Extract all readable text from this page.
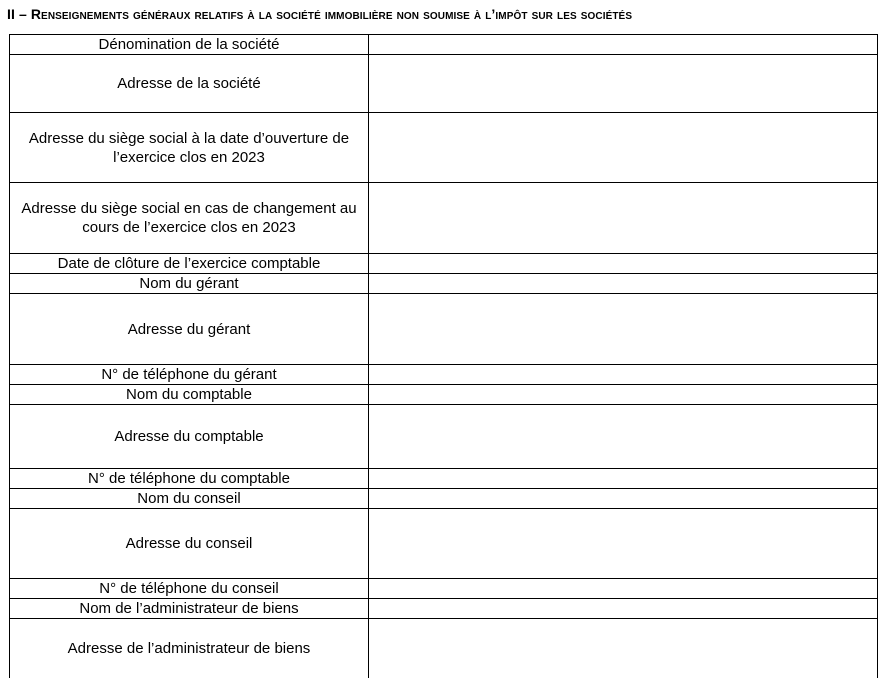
II – Renseignements généraux relatifs à la société immobilière non soumise à l’impôt sur les sociétés
Dénomination de la société	

Adresse de la société	

Adresse du siège social à la date d’ouverture de l’exercice clos en 2023	

Adresse du siège social en cas de changement au cours de l’exercice clos en 2023	

Date de clôture de l’exercice comptable	

Nom du gérant	

Adresse du gérant	

N° de téléphone du gérant	

Nom du comptable	

Adresse du comptable	

N° de téléphone du comptable	

Nom du conseil	

Adresse du conseil	

N° de téléphone du conseil	

Nom de l’administrateur de biens	

Adresse de l’administrateur de biens	
